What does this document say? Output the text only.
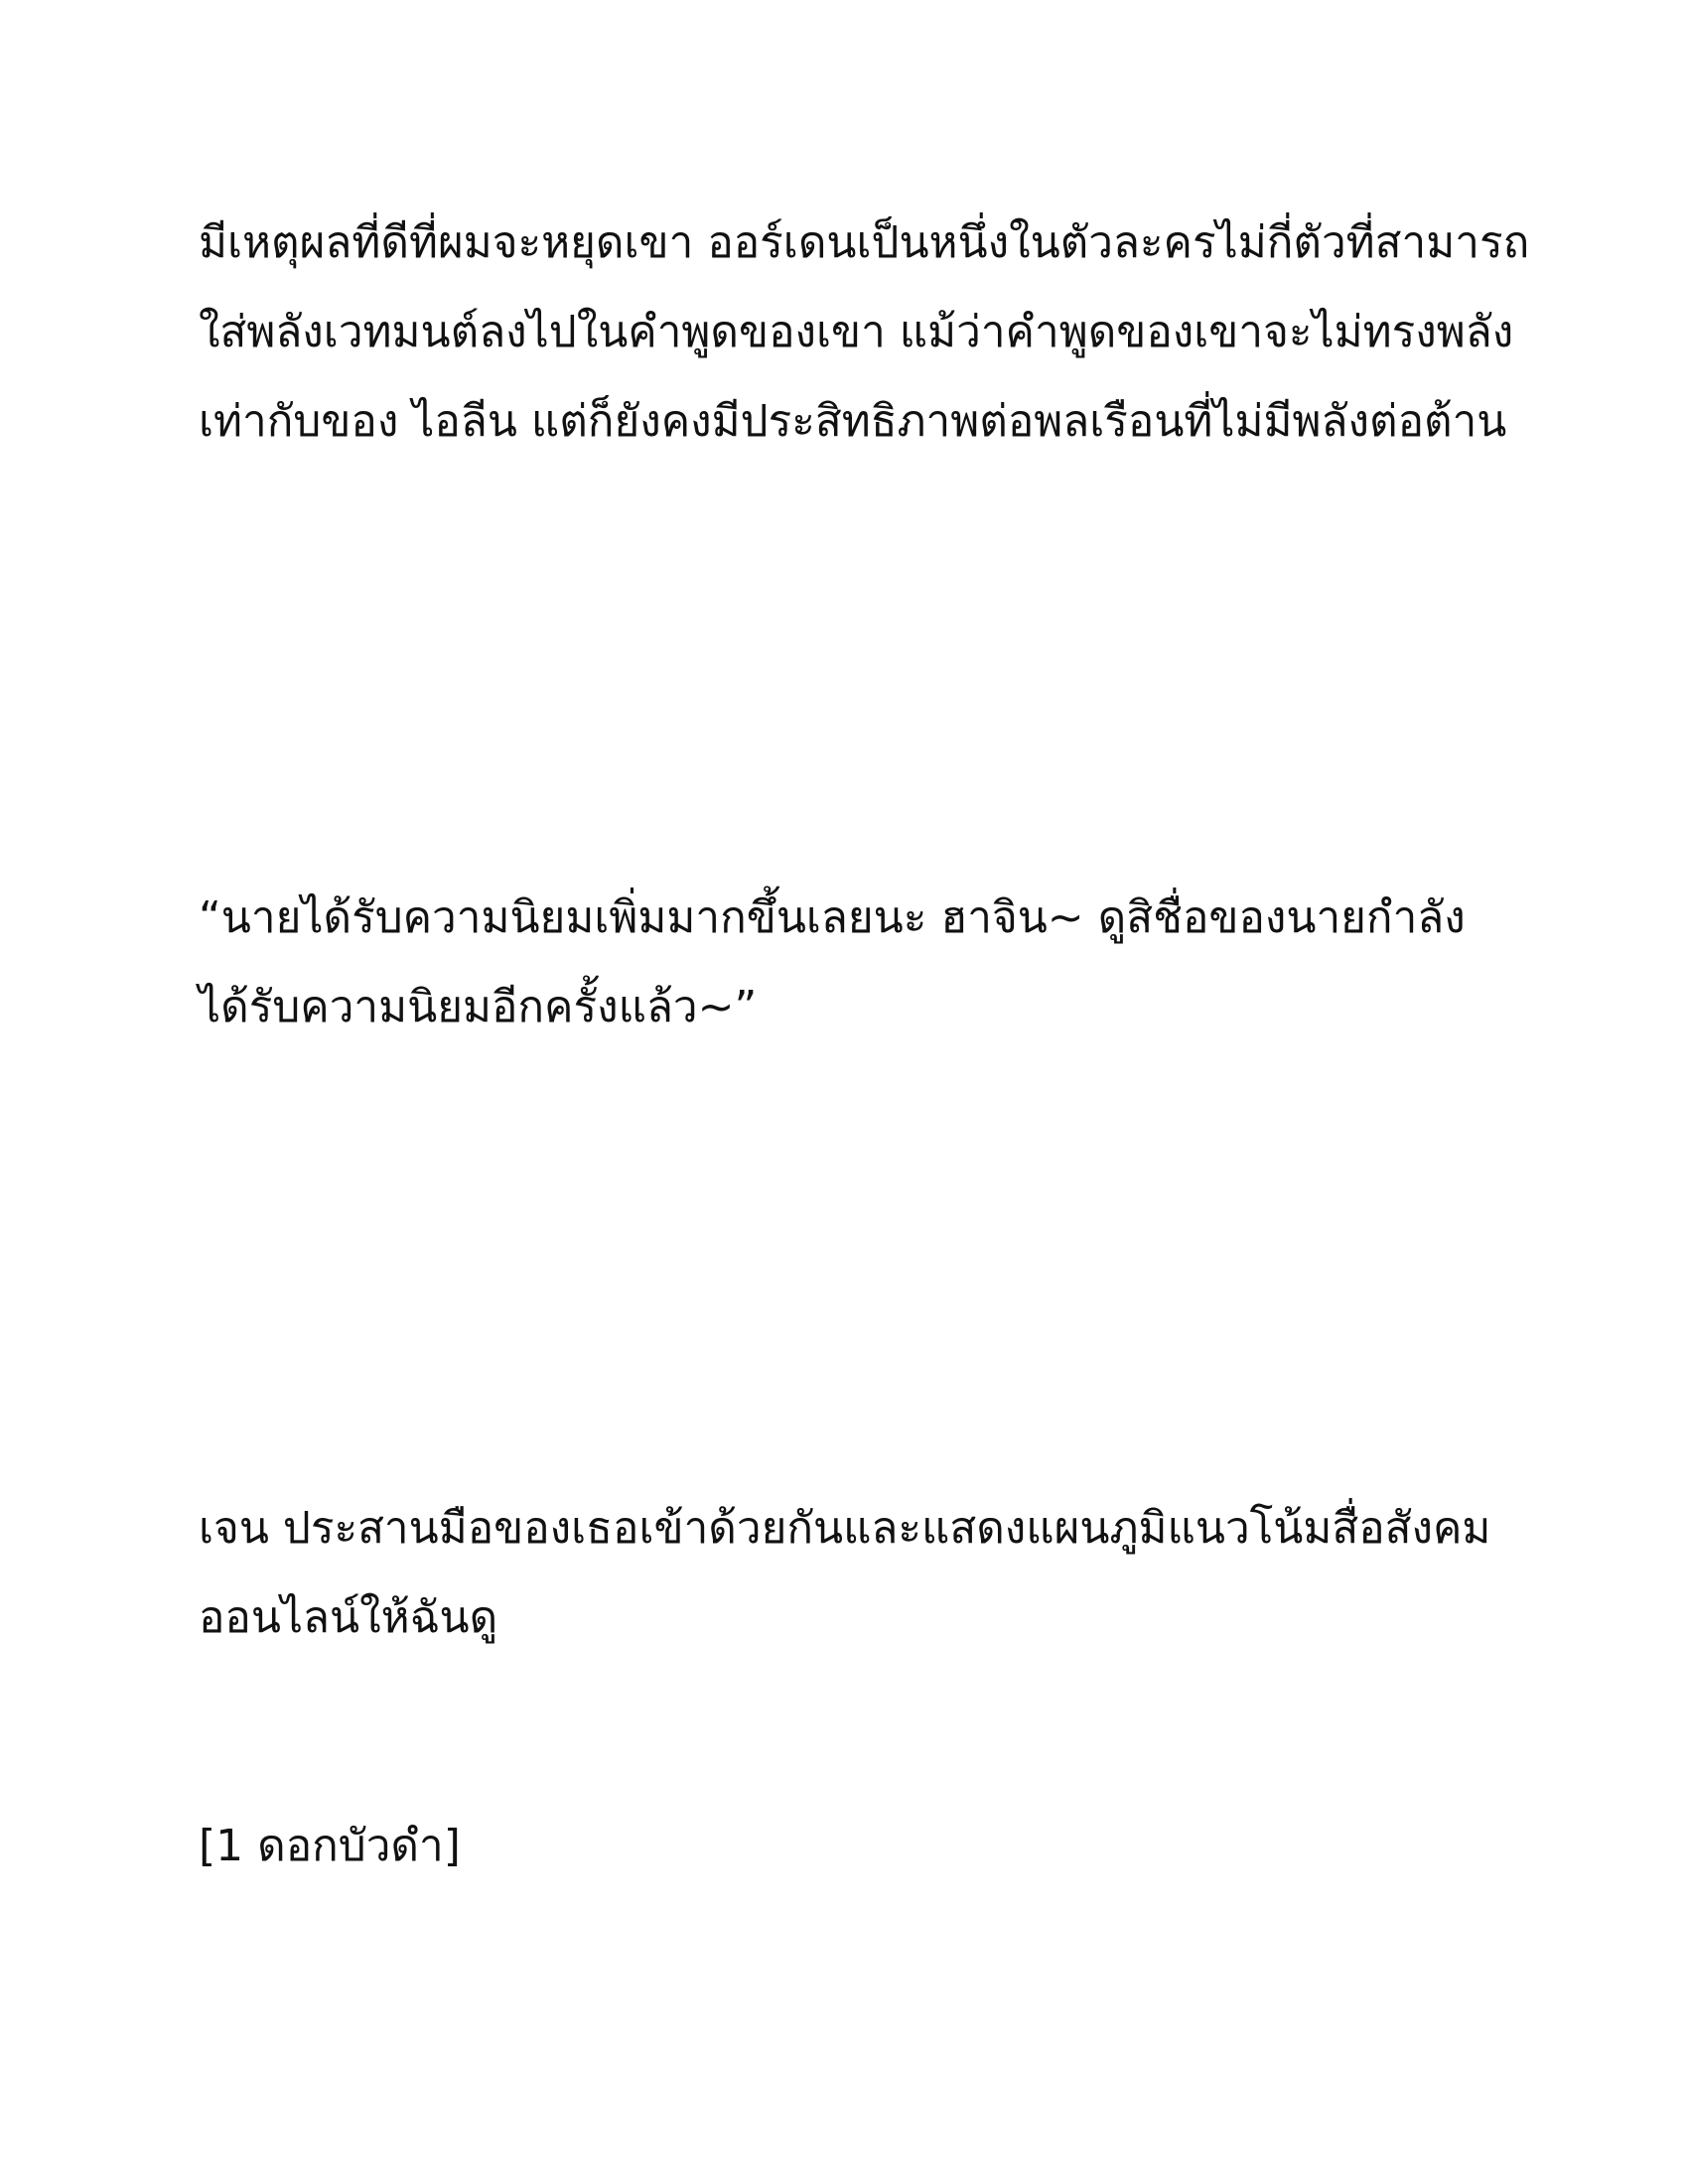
มีเหตุผลที่ดีที่ผมจะหยุดเขา ออร์เดนเป็นหนึ่งในตัวละครไม่กี่ตัวที่สามารถ
ใส่พลังเวทมนต์ลงไปในคำพูดของเขา แม้ว่าคำพูดของเขาจะไม่ทรงพลัง
เท่ากับของ ไอลีน แต่ก็ยังคงมีประสิทธิภาพต่อพลเรือนที่ไม่มีพลังต่อต้าน

“นายได้รับความนิยมเพิ่มมากขึ้นเลยนะ ฮาจิน~ ดูสิชื่อของนายกำลัง
ได้รับความนิยมอีกครั้งแล้ว~”

เจน ประสานมือของเธอเข้าด้วยกันและแสดงแผนภูมิแนวโน้มสื่อสังคม
ออนไลน์ให้ฉันดู

[1 ดอกบัวดำ]
